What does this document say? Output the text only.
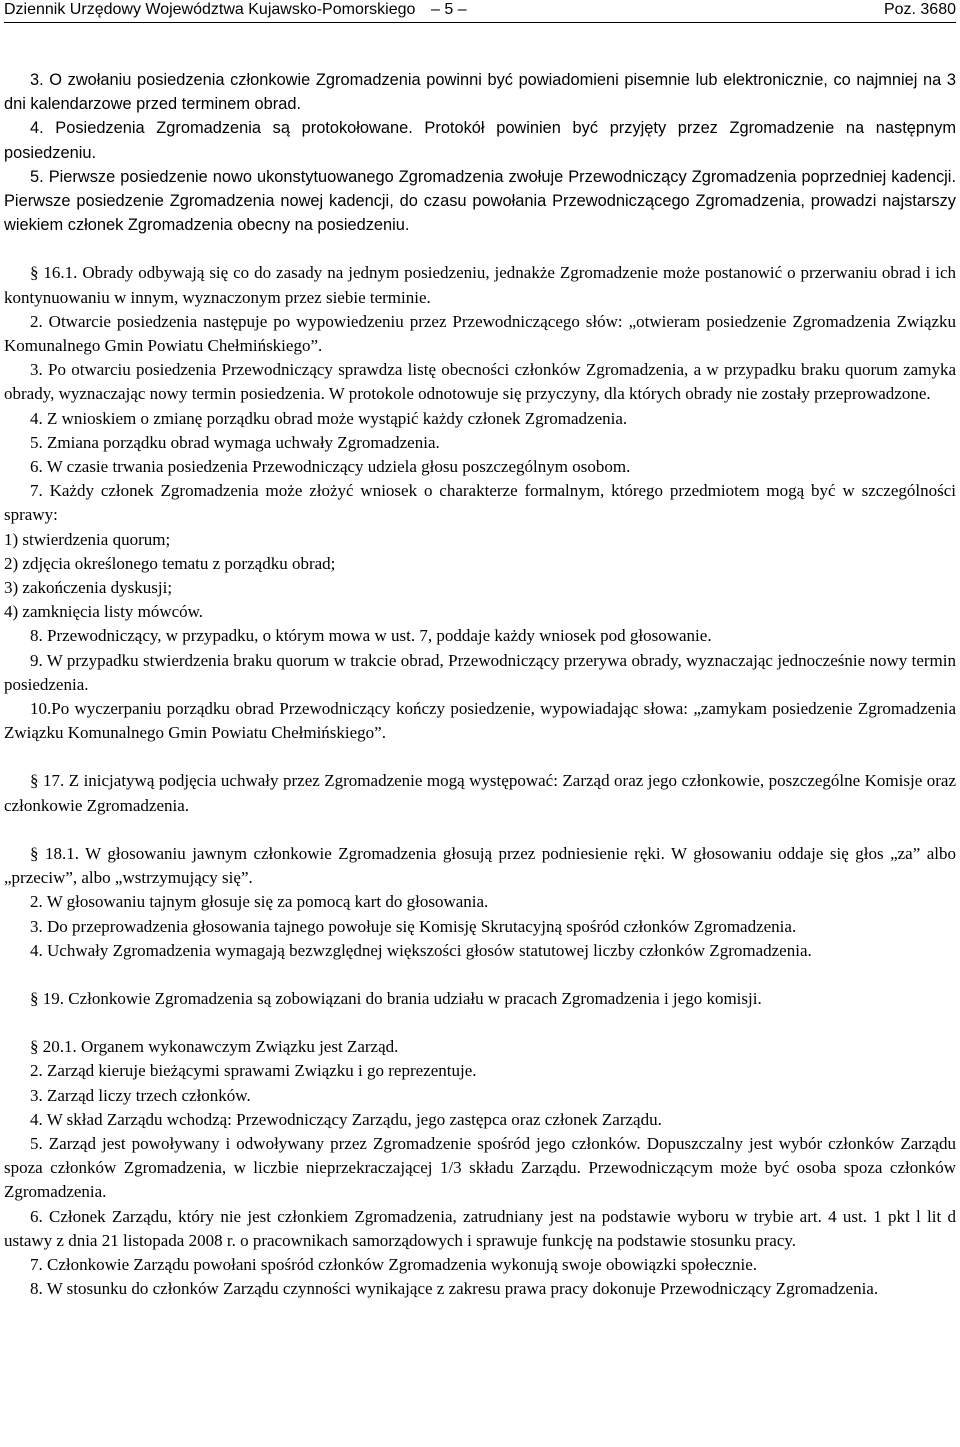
Dziennik Urzędowy Województwa Kujawsko-Pomorskiego – 5 –	Poz. 3680

3. O zwołaniu posiedzenia członkowie Zgromadzenia powinni być powiadomieni pisemnie lub elektronicznie, co najmniej na 3 dni kalendarzowe przed terminem obrad.

4. Posiedzenia Zgromadzenia są protokołowane. Protokół powinien być przyjęty przez Zgromadzenie na następnym posiedzeniu.

5. Pierwsze posiedzenie nowo ukonstytuowanego Zgromadzenia zwołuje Przewodniczący Zgromadzenia poprzedniej kadencji. Pierwsze posiedzenie Zgromadzenia nowej kadencji, do czasu powołania Przewodniczącego Zgromadzenia, prowadzi najstarszy wiekiem członek Zgromadzenia obecny na posiedzeniu.

§ 16.1. Obrady odbywają się co do zasady na jednym posiedzeniu, jednakże Zgromadzenie może postanowić o przerwaniu obrad i ich kontynuowaniu w innym, wyznaczonym przez siebie terminie.

2. Otwarcie posiedzenia następuje po wypowiedzeniu przez Przewodniczącego słów: „otwieram posiedzenie Zgromadzenia Związku Komunalnego Gmin Powiatu Chełmińskiego”.

3. Po otwarciu posiedzenia Przewodniczący sprawdza listę obecności członków Zgromadzenia, a w przypadku braku quorum zamyka obrady, wyznaczając nowy termin posiedzenia. W protokole odnotowuje się przyczyny, dla których obrady nie zostały przeprowadzone.

4. Z wnioskiem o zmianę porządku obrad może wystąpić każdy członek Zgromadzenia.

5. Zmiana porządku obrad wymaga uchwały Zgromadzenia.

6. W czasie trwania posiedzenia Przewodniczący udziela głosu poszczególnym osobom.

7. Każdy członek Zgromadzenia może złożyć wniosek o charakterze formalnym, którego przedmiotem mogą być w szczególności sprawy:

1) stwierdzenia quorum;

2) zdjęcia określonego tematu z porządku obrad;

3) zakończenia dyskusji;

4) zamknięcia listy mówców.

8. Przewodniczący, w przypadku, o którym mowa w ust. 7, poddaje każdy wniosek pod głosowanie.

9. W przypadku stwierdzenia braku quorum w trakcie obrad, Przewodniczący przerywa obrady, wyznaczając jednocześnie nowy termin posiedzenia.

10.Po wyczerpaniu porządku obrad Przewodniczący kończy posiedzenie, wypowiadając słowa: „zamykam posiedzenie Zgromadzenia Związku Komunalnego Gmin Powiatu Chełmińskiego”.

§ 17. Z inicjatywą podjęcia uchwały przez Zgromadzenie mogą występować: Zarząd oraz jego członkowie, poszczególne Komisje oraz członkowie Zgromadzenia.

§ 18.1. W głosowaniu jawnym członkowie Zgromadzenia głosują przez podniesienie ręki. W głosowaniu oddaje się głos „za” albo „przeciw”, albo „wstrzymujący się”.

2. W głosowaniu tajnym głosuje się za pomocą kart do głosowania.

3. Do przeprowadzenia głosowania tajnego powołuje się Komisję Skrutacyjną spośród członków Zgromadzenia.

4. Uchwały Zgromadzenia wymagają bezwzględnej większości głosów statutowej liczby członków Zgromadzenia.

§ 19. Członkowie Zgromadzenia są zobowiązani do brania udziału w pracach Zgromadzenia i jego komisji.

§ 20.1. Organem wykonawczym Związku jest Zarząd.

2. Zarząd kieruje bieżącymi sprawami Związku i go reprezentuje.

3. Zarząd liczy trzech członków.

4. W skład Zarządu wchodzą: Przewodniczący Zarządu, jego zastępca oraz członek Zarządu.

5. Zarząd jest powoływany i odwoływany przez Zgromadzenie spośród jego członków. Dopuszczalny jest wybór członków Zarządu spoza członków Zgromadzenia, w liczbie nieprzekraczającej 1/3 składu Zarządu. Przewodniczącym może być osoba spoza członków Zgromadzenia.

6. Członek Zarządu, który nie jest członkiem Zgromadzenia, zatrudniany jest na podstawie wyboru w trybie art. 4 ust. 1 pkt l lit d ustawy z dnia 21 listopada 2008 r. o pracownikach samorządowych i sprawuje funkcję na podstawie stosunku pracy.

7. Członkowie Zarządu powołani spośród członków Zgromadzenia wykonują swoje obowiązki społecznie.

8. W stosunku do członków Zarządu czynności wynikające z zakresu prawa pracy dokonuje Przewodniczący Zgromadzenia.
